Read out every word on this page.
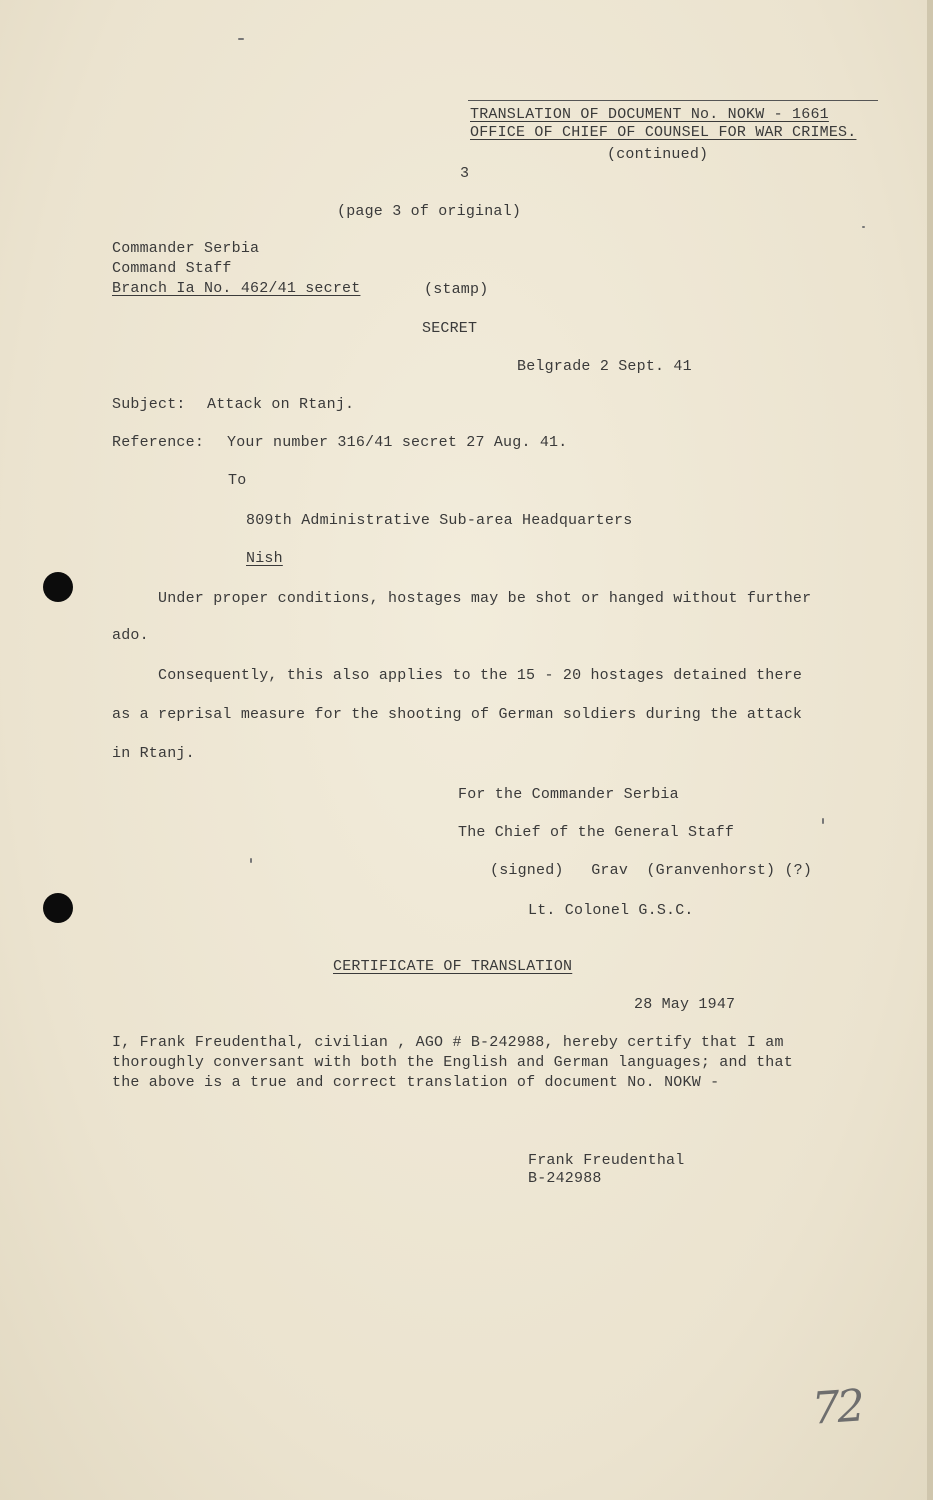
TRANSLATION OF DOCUMENT No. NOKW - 1661
OFFICE OF CHIEF OF COUNSEL FOR WAR CRIMES.
(continued)
3
(page 3 of original)
Commander Serbia
Command Staff
Branch Ia No. 462/41 secret	(stamp)
SECRET
Belgrade 2 Sept. 41
Subject: Attack on Rtanj.
Reference: Your number 316/41 secret 27 Aug. 41.
To
809th Administrative Sub-area Headquarters
Nish
Under proper conditions, hostages may be shot or hanged without further
ado.
Consequently, this also applies to the 15 - 20 hostages detained there
as a reprisal measure for the shooting of German soldiers during the attack
in Rtanj.
For the Commander Serbia
The Chief of the General Staff
(signed)   Grav  (Granvenhorst) (?)
Lt. Colonel G.S.C.
CERTIFICATE OF TRANSLATION
28 May 1947
I, Frank Freudenthal, civilian , AGO # B-242988, hereby certify that I am
thoroughly conversant with both the English and German languages; and that
the above is a true and correct translation of document No. NOKW -
Frank Freudenthal
B-242988
72
